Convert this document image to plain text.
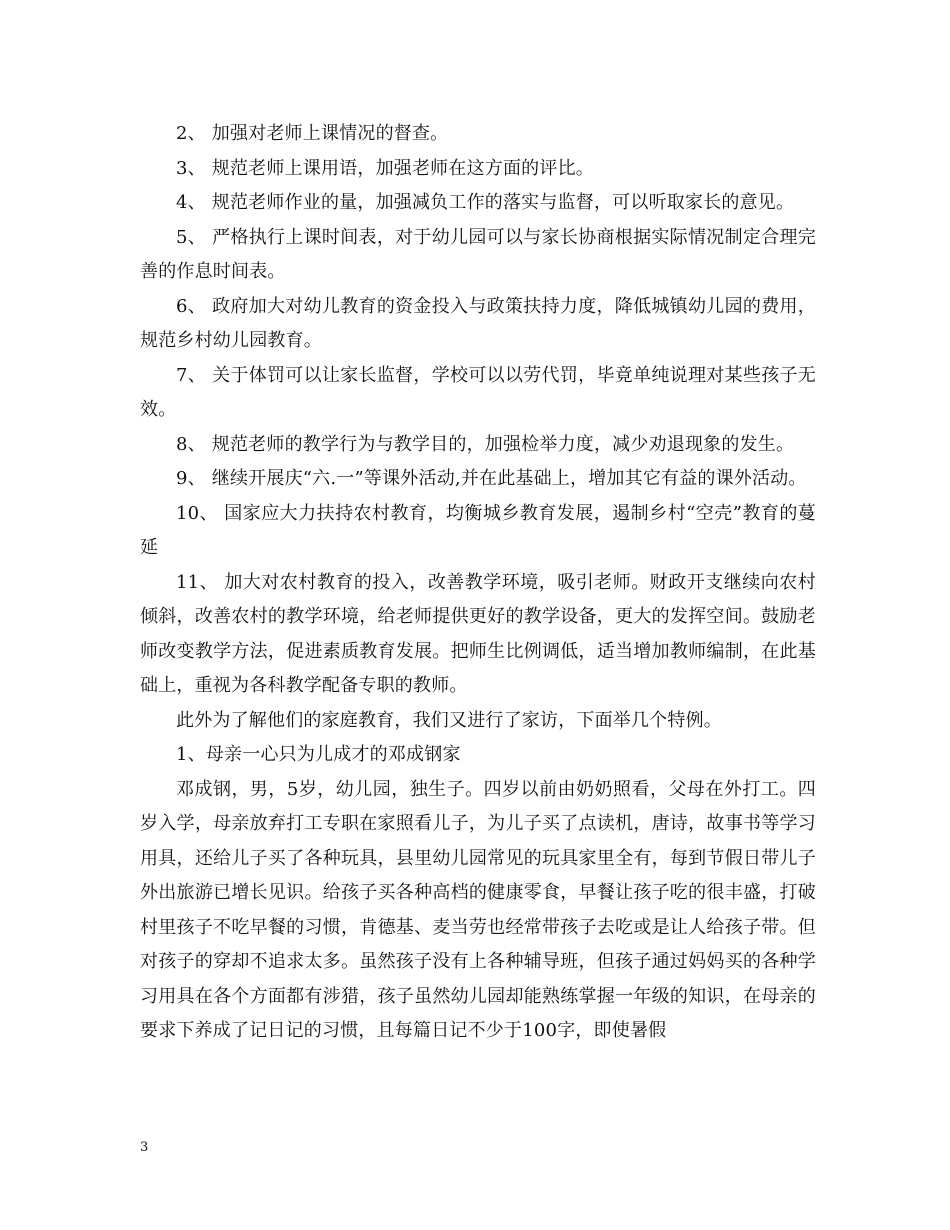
2、 加强对老师上课情况的督查。

3、 规范老师上课用语，加强老师在这方面的评比。

4、 规范老师作业的量，加强减负工作的落实与监督，可以听取家长的意见。

5、 严格执行上课时间表，对于幼儿园可以与家长协商根据实际情况制定合理完善的作息时间表。

6、 政府加大对幼儿教育的资金投入与政策扶持力度，降低城镇幼儿园的费用，规范乡村幼儿园教育。

7、 关于体罚可以让家长监督，学校可以以劳代罚，毕竟单纯说理对某些孩子无效。

8、 规范老师的教学行为与教学目的，加强检举力度，减少劝退现象的发生。

9、 继续开展庆“六.一”等课外活动,并在此基础上，增加其它有益的课外活动。

10、 国家应大力扶持农村教育，均衡城乡教育发展，遏制乡村“空壳”教育的蔓延

11、 加大对农村教育的投入，改善教学环境，吸引老师。财政开支继续向农村倾斜，改善农村的教学环境，给老师提供更好的教学设备，更大的发挥空间。鼓励老师改变教学方法，促进素质教育发展。把师生比例调低，适当增加教师编制，在此基础上，重视为各科教学配备专职的教师。

此外为了解他们的家庭教育，我们又进行了家访，下面举几个特例。

1、母亲一心只为儿成才的邓成钢家

邓成钢，男，5岁，幼儿园，独生子。四岁以前由奶奶照看，父母在外打工。四岁入学，母亲放弃打工专职在家照看儿子，为儿子买了点读机，唐诗，故事书等学习用具，还给儿子买了各种玩具，县里幼儿园常见的玩具家里全有，每到节假日带儿子外出旅游已增长见识。给孩子买各种高档的健康零食，早餐让孩子吃的很丰盛，打破村里孩子不吃早餐的习惯，肯德基、麦当劳也经常带孩子去吃或是让人给孩子带。但对孩子的穿却不追求太多。虽然孩子没有上各种辅导班，但孩子通过妈妈买的各种学习用具在各个方面都有涉猎，孩子虽然幼儿园却能熟练掌握一年级的知识，在母亲的要求下养成了记日记的习惯，且每篇日记不少于100字，即使暑假

3
